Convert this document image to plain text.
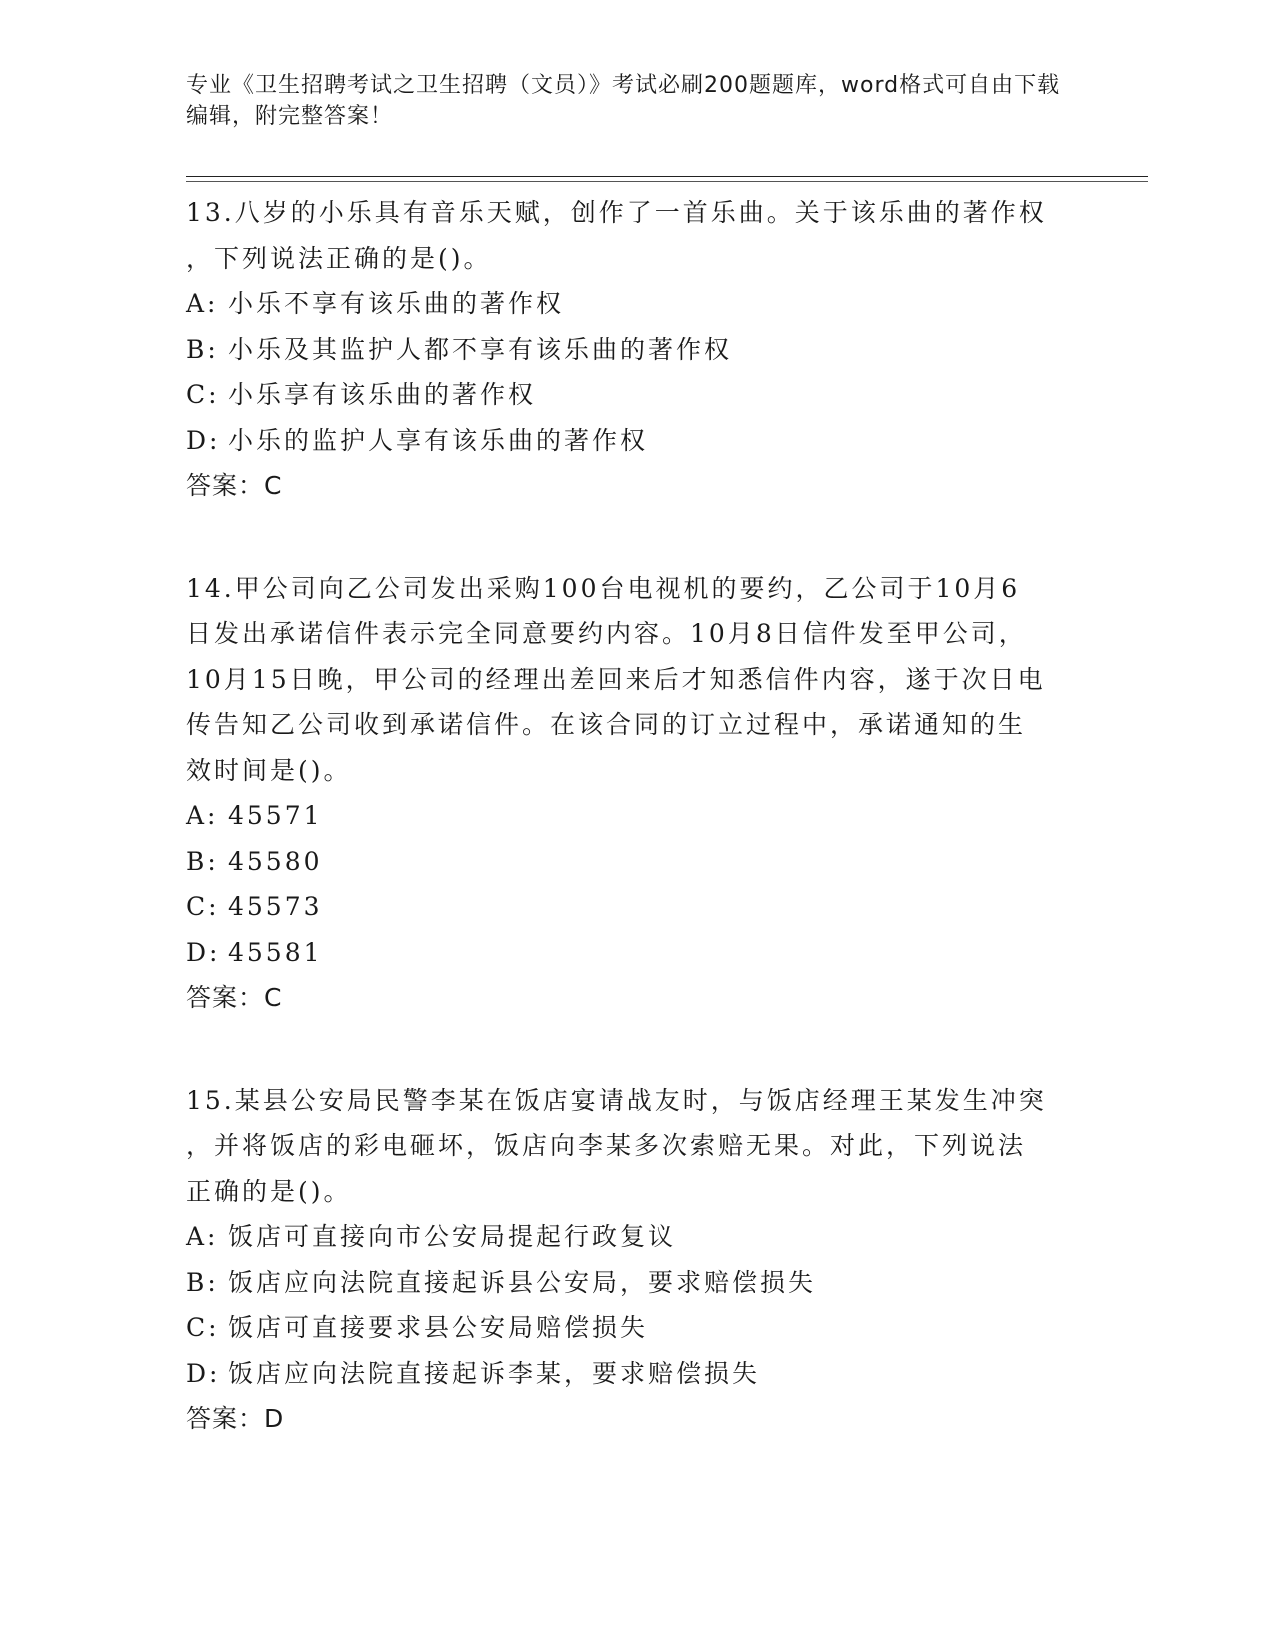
专业《卫生招聘考试之卫生招聘（文员）》考试必刷200题题库，word格式可自由下载编辑，附完整答案！
13.八岁的小乐具有音乐天赋，创作了一首乐曲。关于该乐曲的著作权
，下列说法正确的是()。
A: 小乐不享有该乐曲的著作权
B: 小乐及其监护人都不享有该乐曲的著作权
C: 小乐享有该乐曲的著作权
D: 小乐的监护人享有该乐曲的著作权
答案：C
14.甲公司向乙公司发出采购100台电视机的要约，乙公司于10月6
日发出承诺信件表示完全同意要约内容。10月8日信件发至甲公司，
10月15日晚，甲公司的经理出差回来后才知悉信件内容，遂于次日电
传告知乙公司收到承诺信件。在该合同的订立过程中，承诺通知的生
效时间是()。
A: 45571
B: 45580
C: 45573
D: 45581
答案：C
15.某县公安局民警李某在饭店宴请战友时，与饭店经理王某发生冲突
，并将饭店的彩电砸坏，饭店向李某多次索赔无果。对此，下列说法
正确的是()。
A: 饭店可直接向市公安局提起行政复议
B: 饭店应向法院直接起诉县公安局，要求赔偿损失
C: 饭店可直接要求县公安局赔偿损失
D: 饭店应向法院直接起诉李某，要求赔偿损失
答案：D
